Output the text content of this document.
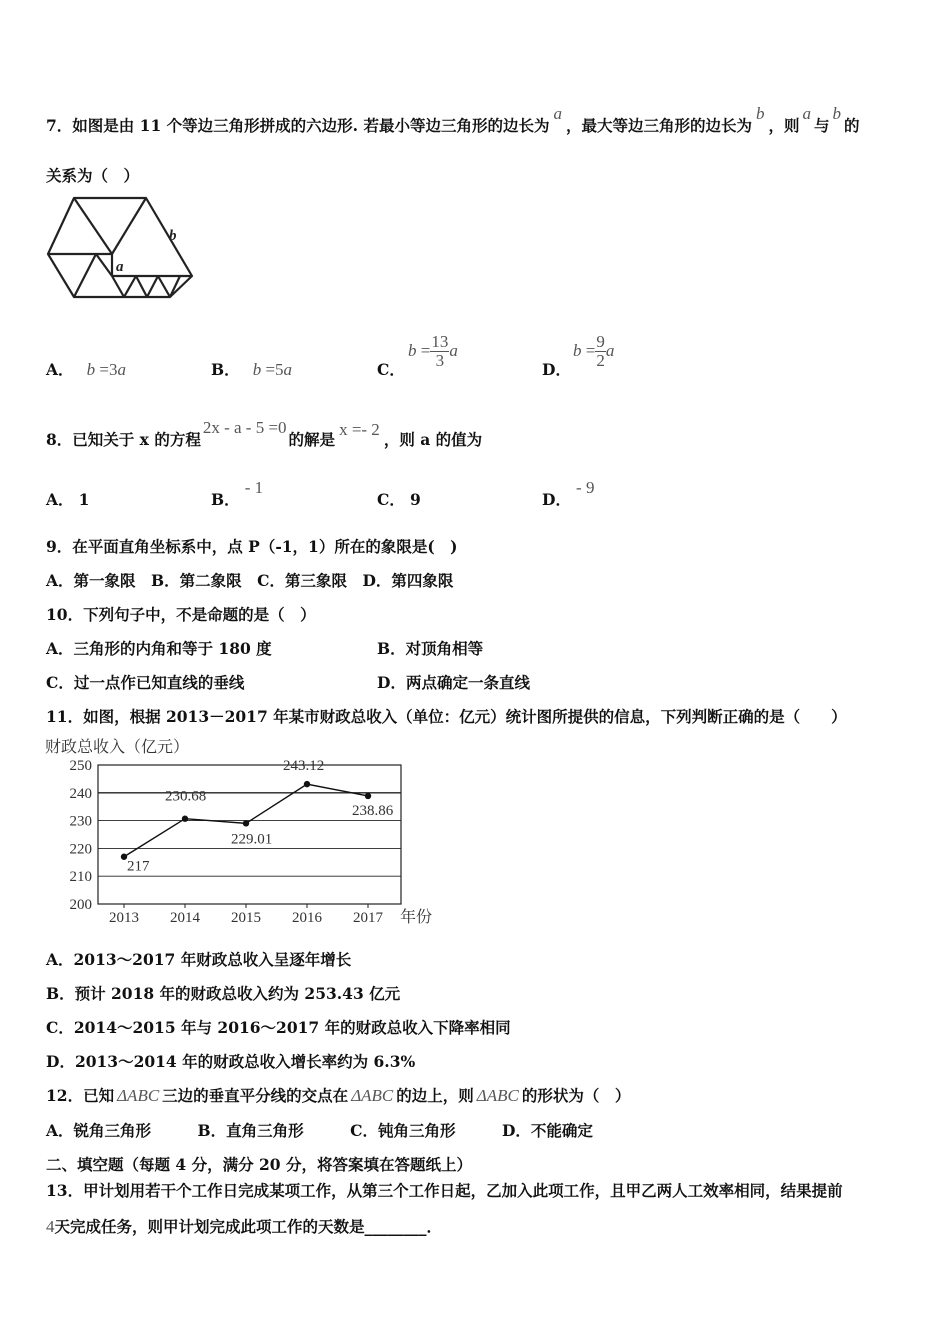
7．如图是由 11 个等边三角形拼成的六边形. 若最小等边三角形的边长为a，最大等边三角形的边长为b，则a与b的
关系为（　）
a
b
A． b =3a	B． b =5a	C．
$b = \frac{13}{3}$ a
D．
$b = \frac{9}{2}$ a
8．已知关于 x 的方程2x - a - 5 =0的解是x =- 2，则 a 的值为
A． 1	B． - 1
C． 9	D． - 9
9．在平面直角坐标系中，点 P（-1，1）所在的象限是(　)
A．第一象限　B．第二象限　C．第三象限　D．第四象限
10．下列句子中，不是命题的是（　）
A．三角形的内角和等于 180 度	B．对顶角相等
C．过一点作已知直线的垂线	D．两点确定一条直线
11．如图，根据 2013－2017 年某市财政总收入（单位：亿元）统计图所提供的信息，下列判断正确的是（　　）
财政总收入（亿元）
200
210
220
230
240
250
2013 2014 2015 2016 2017
217
230.68
229.01
243.12
238.86
年份
A．2013～2017 年财政总收入呈逐年增长
B．预计 2018 年的财政总收入约为 253.43 亿元
C．2014～2015 年与 2016～2017 年的财政总收入下降率相同
D．2013～2014 年的财政总收入增长率约为 6.3%
12．已知 ΔABC 三边的垂直平分线的交点在 ΔABC 的边上，则 ΔABC 的形状为（　）
A．锐角三角形　　　B．直角三角形　　　C．钝角三角形　　　D．不能确定
二、填空题（每题 4 分，满分 20 分，将答案填在答题纸上）
13．甲计划用若干个工作日完成某项工作，从第三个工作日起，乙加入此项工作，且甲乙两人工效率相同，结果提前
4天完成任务，则甲计划完成此项工作的天数是________．
